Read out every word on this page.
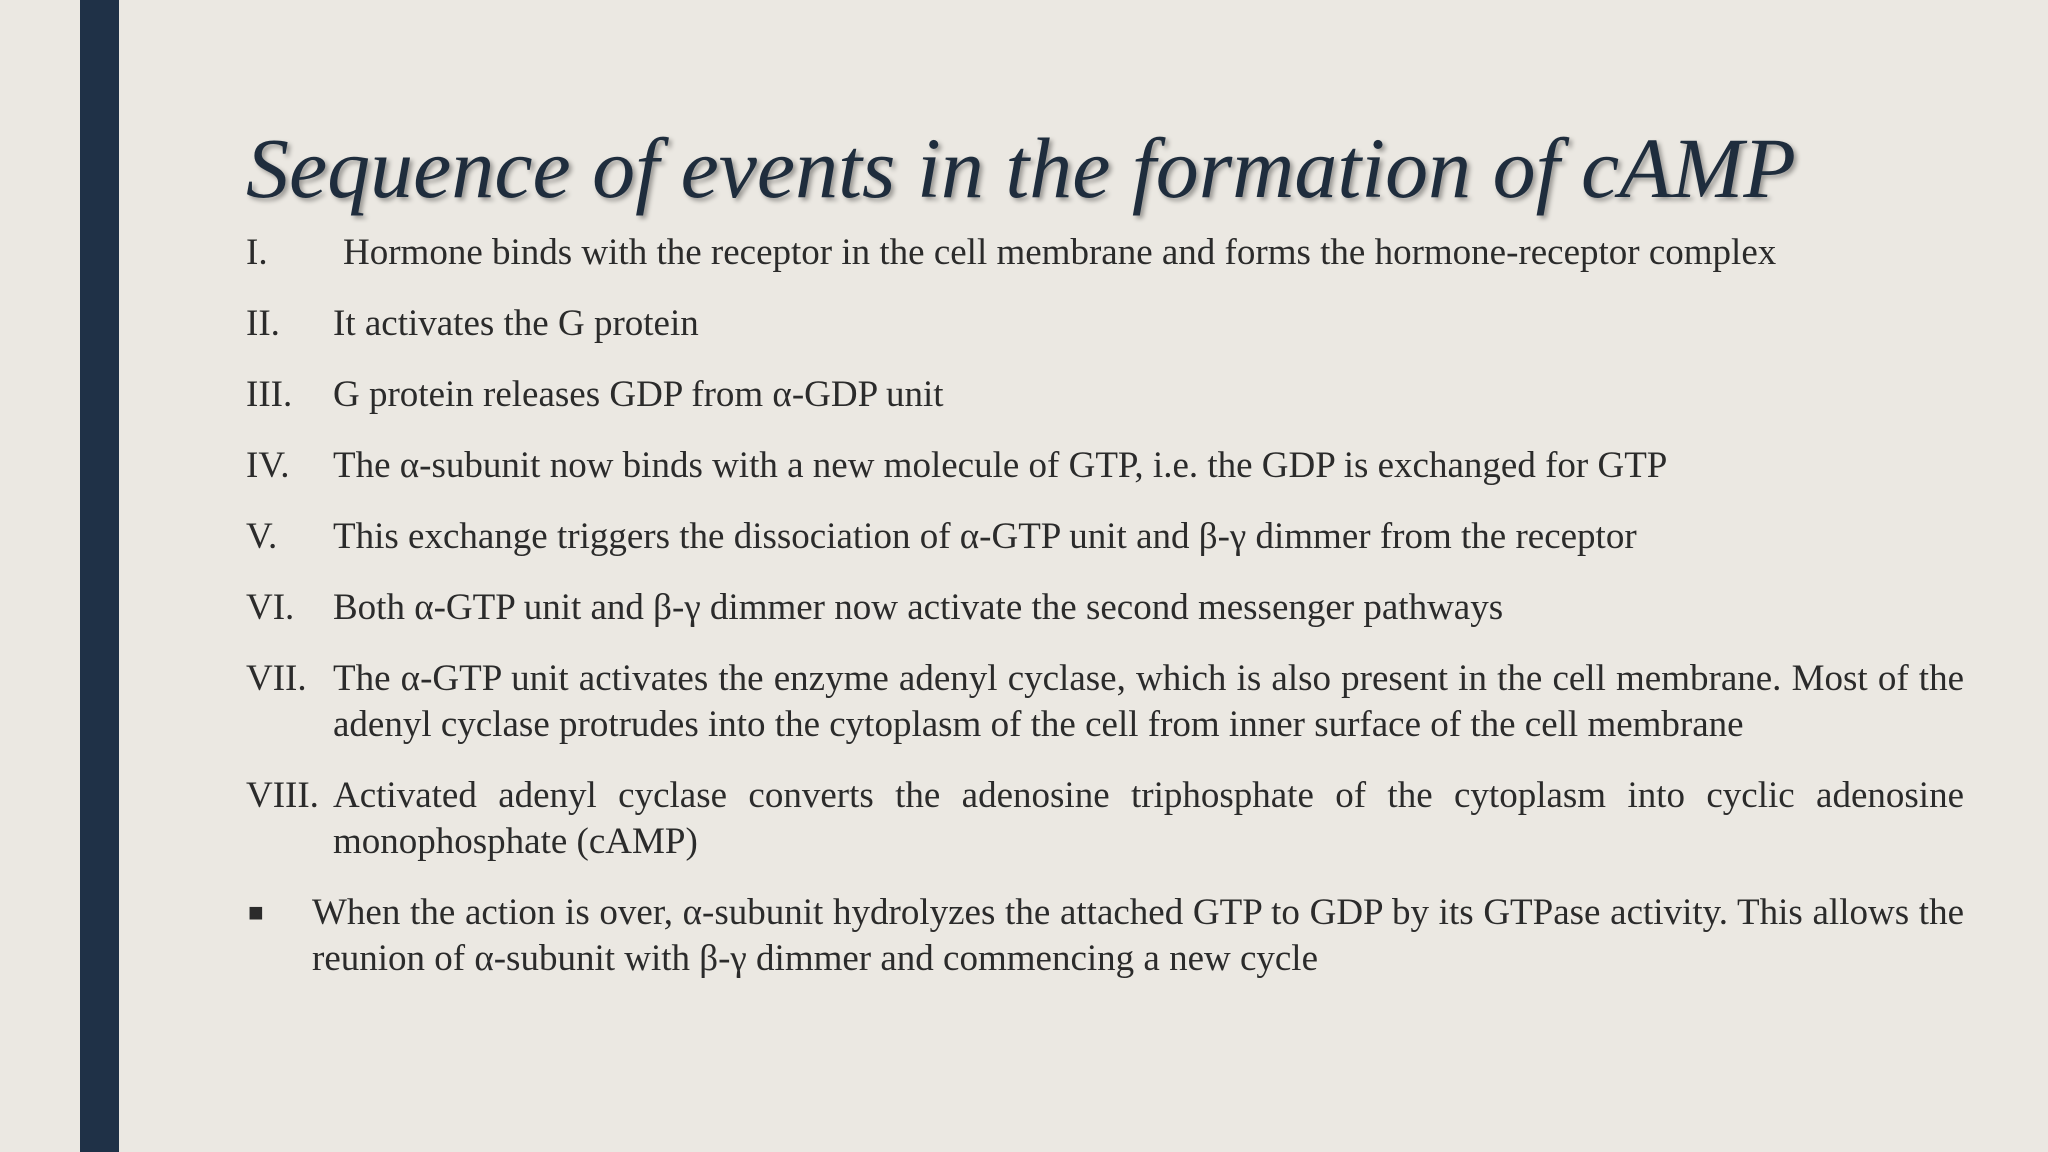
Sequence of events in the formation of cAMP
I.	Hormone binds with the receptor in the cell membrane and forms the hormone-receptor complex
II.	It activates the G protein
III.	G protein releases GDP from α-GDP unit
IV.	The α-subunit now binds with a new molecule of GTP, i.e. the GDP is exchanged for GTP
V.	This exchange triggers the dissociation of α-GTP unit and β-γ dimmer from the receptor
VI.	Both α-GTP unit and β-γ dimmer now activate the second messenger pathways
VII. The α-GTP unit activates the enzyme adenyl cyclase, which is also present in the cell membrane. Most of the adenyl cyclase protrudes into the cytoplasm of the cell from inner surface of the cell membrane
VIII. Activated adenyl cyclase converts the adenosine triphosphate of the cytoplasm into cyclic adenosine monophosphate (cAMP)
■	When the action is over, α-subunit hydrolyzes the attached GTP to GDP by its GTPase activity. This allows the reunion of α-subunit with β-γ dimmer and commencing a new cycle
